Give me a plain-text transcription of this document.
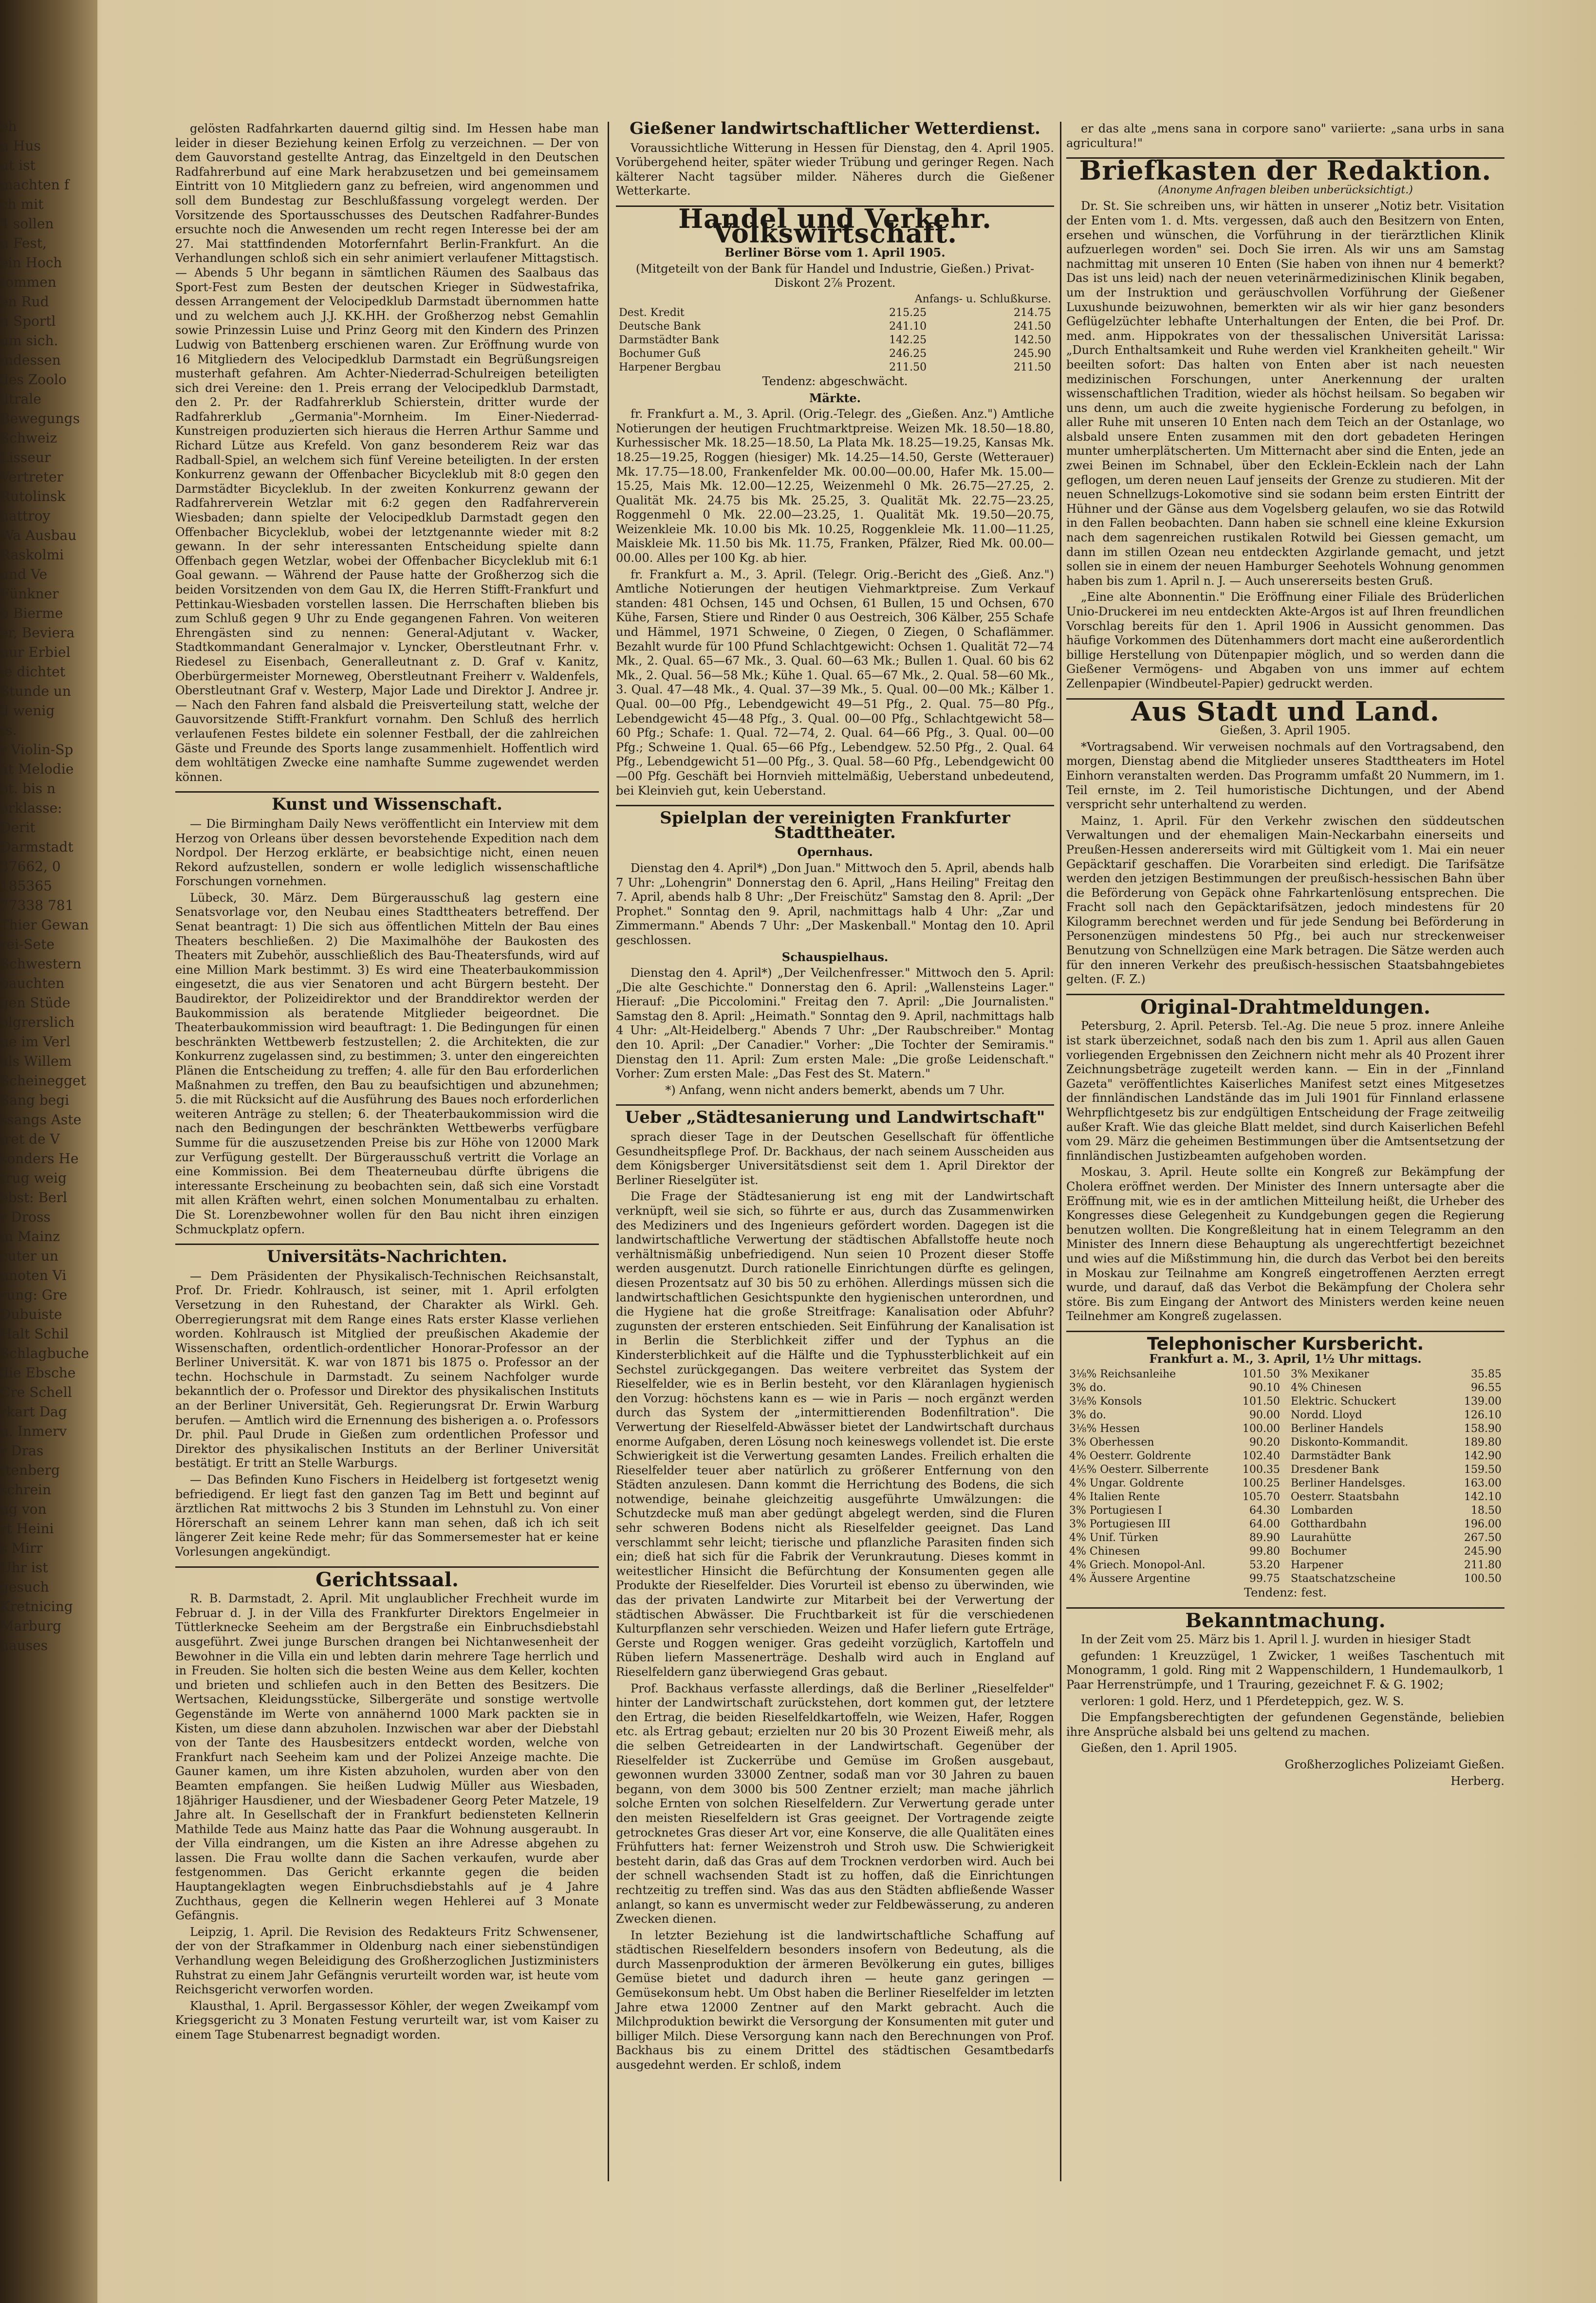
eh
n Hus
ut ist
machten f
ch mit
4 sollen
n Fest,
ein Hoch
tommen
en Rud
n Sportl
um sich.
indessen
des Zoolo
lltrale
Bewegungs
Schweiz
Lisseur
Vertreter
Rutolinsk
hattroy
Wa Ausbau
Raskolmi
und Ve
Fünkner
b Bierme
er, Beviera
nur Erbiel
ie dichtet
Stunde un
d wenig
ts.
r Violin-Sp
ät Melodie
ot. bis n
orklasse:
Derit
Darmstadt
37662, 0
185365
77338 781
Thier Gewan
rei-Sete
Schwestern
bauchten
gen Stüde
olgrerslich
ne im Verl
als Willem
Scheinegget
Sang begi
ssangs Aste
iret de V
sonders He
trug weig
ebst: Berl
r Dross
in Mainz
cuter un
nnoten Vi
rung: Gre
Dubuiste
Halt Schil
Schlagbuche
die Ebsche
Cre Schell
rkart Dag
n. Inmerv
r Dras
ttenberg
schrein
ng von
rt Heini
s Mirr
Uhr ist
gesuch
Kretnicing
Marburg
hauses

gelösten Radfahrkarten dauernd giltig sind. Im Hessen habe man leider in dieser Beziehung keinen Erfolg zu verzeichnen. — Der von dem Gauvorstand gestellte Antrag, das Einzeltgeld in den Deutschen Radfahrerbund auf eine Mark herabzusetzen und bei gemeinsamem Eintritt von 10 Mitgliedern ganz zu befreien, wird angenommen und soll dem Bundestag zur Beschlußfassung vorgelegt werden. Der Vorsitzende des Sportausschusses des Deutschen Radfahrer-Bundes ersuchte noch die Anwesenden um recht regen Interesse bei der am 27. Mai stattfindenden Motorfernfahrt Berlin-Frankfurt. An die Verhandlungen schloß sich ein sehr animiert verlaufener Mittagstisch. — Abends 5 Uhr begann in sämtlichen Räumen des Saalbaus das Sport-Fest zum Besten der deutschen Krieger in Südwestafrika, dessen Arrangement der Velocipedklub Darmstadt übernommen hatte und zu welchem auch J.J. KK.HH. der Großherzog nebst Gemahlin sowie Prinzessin Luise und Prinz Georg mit den Kindern des Prinzen Ludwig von Battenberg erschienen waren. Zur Eröffnung wurde von 16 Mitgliedern des Velocipedklub Darmstadt ein Begrüßungsreigen musterhaft gefahren. Am Achter-Niederrad-Schulreigen beteiligten sich drei Vereine: den 1. Preis errang der Velocipedklub Darmstadt, den 2. Pr. der Radfahrerklub Schierstein, dritter wurde der Radfahrerklub „Germania"-Mornheim. Im Einer-Niederrad-Kunstreigen produzierten sich hieraus die Herren Arthur Samme und Richard Lütze aus Krefeld. Von ganz besonderem Reiz war das Radball-Spiel, an welchem sich fünf Vereine beteiligten. In der ersten Konkurrenz gewann der Offenbacher Bicycleklub mit 8:0 gegen den Darmstädter Bicycleklub. In der zweiten Konkurrenz gewann der Radfahrerverein Wetzlar mit 6:2 gegen den Radfahrerverein Wiesbaden; dann spielte der Velocipedklub Darmstadt gegen den Offenbacher Bicycleklub, wobei der letztgenannte wieder mit 8:2 gewann. In der sehr interessanten Entscheidung spielte dann Offenbach gegen Wetzlar, wobei der Offenbacher Bicycleklub mit 6:1 Goal gewann. — Während der Pause hatte der Großherzog sich die beiden Vorsitzenden von dem Gau IX, die Herren Stifft-Frankfurt und Pettinkau-Wiesbaden vorstellen lassen. Die Herrschaften blieben bis zum Schluß gegen 9 Uhr zu Ende gegangenen Fahren. Von weiteren Ehrengästen sind zu nennen: General-Adjutant v. Wacker, Stadtkommandant Generalmajor v. Lyncker, Oberstleutnant Frhr. v. Riedesel zu Eisenbach, Generalleutnant z. D. Graf v. Kanitz, Oberbürgermeister Morneweg, Oberstleutnant Freiherr v. Waldenfels, Oberstleutnant Graf v. Westerp, Major Lade und Direktor J. Andree jr. — Nach den Fahren fand alsbald die Preisverteilung statt, welche der Gauvorsitzende Stifft-Frankfurt vornahm. Den Schluß des herrlich verlaufenen Festes bildete ein solenner Festball, der die zahlreichen Gäste und Freunde des Sports lange zusammenhielt. Hoffentlich wird dem wohltätigen Zwecke eine namhafte Summe zugewendet werden können.

Kunst und Wissenschaft.

— Die Birmingham Daily News veröffentlicht ein Interview mit dem Herzog von Orleans über dessen bevorstehende Expedition nach dem Nordpol. Der Herzog erklärte, er beabsichtige nicht, einen neuen Rekord aufzustellen, sondern er wolle lediglich wissenschaftliche Forschungen vornehmen.

Lübeck, 30. März. Dem Bürgerausschuß lag gestern eine Senatsvorlage vor, den Neubau eines Stadttheaters betreffend. Der Senat beantragt: 1) Die sich aus öffentlichen Mitteln der Bau eines Theaters beschließen. 2) Die Maximalhöhe der Baukosten des Theaters mit Zubehör, ausschließlich des Bau-Theatersfunds, wird auf eine Million Mark bestimmt. 3) Es wird eine Theaterbaukommission eingesetzt, die aus vier Senatoren und acht Bürgern besteht. Der Baudirektor, der Polizeidirektor und der Branddirektor werden der Baukommission als beratende Mitglieder beigeordnet. Die Theaterbaukommission wird beauftragt: 1. Die Bedingungen für einen beschränkten Wettbewerb festzustellen; 2. die Architekten, die zur Konkurrenz zugelassen sind, zu bestimmen; 3. unter den eingereichten Plänen die Entscheidung zu treffen; 4. alle für den Bau erforderlichen Maßnahmen zu treffen, den Bau zu beaufsichtigen und abzunehmen; 5. die mit Rücksicht auf die Ausführung des Baues noch erforderlichen weiteren Anträge zu stellen; 6. der Theaterbaukommission wird die nach den Bedingungen der beschränkten Wettbewerbs verfügbare Summe für die auszusetzenden Preise bis zur Höhe von 12000 Mark zur Verfügung gestellt. Der Bürgerausschuß vertritt die Vorlage an eine Kommission. Bei dem Theaterneubau dürfte übrigens die interessante Erscheinung zu beobachten sein, daß sich eine Vorstadt mit allen Kräften wehrt, einen solchen Monumentalbau zu erhalten. Die St. Lorenzbewohner wollen für den Bau nicht ihren einzigen Schmuckplatz opfern.

Universitäts-Nachrichten.

— Dem Präsidenten der Physikalisch-Technischen Reichsanstalt, Prof. Dr. Friedr. Kohlrausch, ist seiner, mit 1. April erfolgten Versetzung in den Ruhestand, der Charakter als Wirkl. Geh. Oberregierungsrat mit dem Range eines Rats erster Klasse verliehen worden. Kohlrausch ist Mitglied der preußischen Akademie der Wissenschaften, ordentlich-ordentlicher Honorar-Professor an der Berliner Universität. K. war von 1871 bis 1875 o. Professor an der techn. Hochschule in Darmstadt. Zu seinem Nachfolger wurde bekanntlich der o. Professor und Direktor des physikalischen Instituts an der Berliner Universität, Geh. Regierungsrat Dr. Erwin Warburg berufen. — Amtlich wird die Ernennung des bisherigen a. o. Professors Dr. phil. Paul Drude in Gießen zum ordentlichen Professor und Direktor des physikalischen Instituts an der Berliner Universität bestätigt. Er tritt an Stelle Warburgs.

— Das Befinden Kuno Fischers in Heidelberg ist fortgesetzt wenig befriedigend. Er liegt fast den ganzen Tag im Bett und beginnt auf ärztlichen Rat mittwochs 2 bis 3 Stunden im Lehnstuhl zu. Von einer Hörerschaft an seinem Lehrer kann man sehen, daß ich ich seit längerer Zeit keine Rede mehr; für das Sommersemester hat er keine Vorlesungen angekündigt.

Gerichtssaal.

R. B. Darmstadt, 2. April. Mit unglaublicher Frechheit wurde im Februar d. J. in der Villa des Frankfurter Direktors Engelmeier in Tüttlerknecke Seeheim am der Bergstraße ein Einbruchsdiebstahl ausgeführt. Zwei junge Burschen drangen bei Nichtanwesenheit der Bewohner in die Villa ein und lebten darin mehrere Tage herrlich und in Freuden. Sie holten sich die besten Weine aus dem Keller, kochten und brieten und schliefen auch in den Betten des Besitzers. Die Wertsachen, Kleidungsstücke, Silbergeräte und sonstige wertvolle Gegenstände im Werte von annähernd 1000 Mark packten sie in Kisten, um diese dann abzuholen. Inzwischen war aber der Diebstahl von der Tante des Hausbesitzers entdeckt worden, welche von Frankfurt nach Seeheim kam und der Polizei Anzeige machte. Die Gauner kamen, um ihre Kisten abzuholen, wurden aber von den Beamten empfangen. Sie heißen Ludwig Müller aus Wiesbaden, 18jähriger Hausdiener, und der Wiesbadener Georg Peter Matzele, 19 Jahre alt. In Gesellschaft der in Frankfurt bediensteten Kellnerin Mathilde Tede aus Mainz hatte das Paar die Wohnung ausgeraubt. In der Villa eindrangen, um die Kisten an ihre Adresse abgehen zu lassen. Die Frau wollte dann die Sachen verkaufen, wurde aber festgenommen. Das Gericht erkannte gegen die beiden Hauptangeklagten wegen Einbruchsdiebstahls auf je 4 Jahre Zuchthaus, gegen die Kellnerin wegen Hehlerei auf 3 Monate Gefängnis.

Leipzig, 1. April. Die Revision des Redakteurs Fritz Schwensener, der von der Strafkammer in Oldenburg nach einer siebenstündigen Verhandlung wegen Beleidigung des Großherzoglichen Justizministers Ruhstrat zu einem Jahr Gefängnis verurteilt worden war, ist heute vom Reichsgericht verworfen worden.

Klausthal, 1. April. Bergassessor Köhler, der wegen Zweikampf vom Kriegsgericht zu 3 Monaten Festung verurteilt war, ist vom Kaiser zu einem Tage Stubenarrest begnadigt worden.

Gießener landwirtschaftlicher Wetterdienst.

Voraussichtliche Witterung in Hessen für Dienstag, den 4. April 1905. Vorübergehend heiter, später wieder Trübung und geringer Regen. Nach kälterer Nacht tagsüber milder. Näheres durch die Gießener Wetterkarte.

Handel und Verkehr. Volkswirtschaft.

Berliner Börse vom 1. April 1905.

(Mitgeteilt von der Bank für Handel und Industrie, Gießen.) Privat-Diskont 2⅞ Prozent.

	Anfangs- u. Schlußkurse.	
Dest. Kredit	215.25	214.75
Deutsche Bank	241.10	241.50
Darmstädter Bank	142.25	142.50
Bochumer Guß	246.25	245.90
Harpener Bergbau	211.50	211.50

Tendenz: abgeschwächt.

Märkte.

fr. Frankfurt a. M., 3. April. (Orig.-Telegr. des „Gießen. Anz.") Amtliche Notierungen der heutigen Fruchtmarktpreise. Weizen Mk. 18.50—18.80, Kurhessischer Mk. 18.25—18.50, La Plata Mk. 18.25—19.25, Kansas Mk. 18.25—19.25, Roggen (hiesiger) Mk. 14.25—14.50, Gerste (Wetterauer) Mk. 17.75—18.00, Frankenfelder Mk. 00.00—00.00, Hafer Mk. 15.00—15.25, Mais Mk. 12.00—12.25, Weizenmehl 0 Mk. 26.75—27.25, 2. Qualität Mk. 24.75 bis Mk. 25.25, 3. Qualität Mk. 22.75—23.25, Roggenmehl 0 Mk. 22.00—23.25, 1. Qualität Mk. 19.50—20.75, Weizenkleie Mk. 10.00 bis Mk. 10.25, Roggenkleie Mk. 11.00—11.25, Maiskleie Mk. 11.50 bis Mk. 11.75, Franken, Pfälzer, Ried Mk. 00.00—00.00. Alles per 100 Kg. ab hier.

fr. Frankfurt a. M., 3. April. (Telegr. Orig.-Bericht des „Gieß. Anz.") Amtliche Notierungen der heutigen Viehmarktpreise. Zum Verkauf standen: 481 Ochsen, 145 und Ochsen, 61 Bullen, 15 und Ochsen, 670 Kühe, Farsen, Stiere und Rinder 0 aus Oestreich, 306 Kälber, 255 Schafe und Hämmel, 1971 Schweine, 0 Ziegen, 0 Ziegen, 0 Schaflämmer. Bezahlt wurde für 100 Pfund Schlachtgewicht: Ochsen 1. Qualität 72—74 Mk., 2. Qual. 65—67 Mk., 3. Qual. 60—63 Mk.; Bullen 1. Qual. 60 bis 62 Mk., 2. Qual. 56—58 Mk.; Kühe 1. Qual. 65—67 Mk., 2. Qual. 58—60 Mk., 3. Qual. 47—48 Mk., 4. Qual. 37—39 Mk., 5. Qual. 00—00 Mk.; Kälber 1. Qual. 00—00 Pfg., Lebendgewicht 49—51 Pfg., 2. Qual. 75—80 Pfg., Lebendgewicht 45—48 Pfg., 3. Qual. 00—00 Pfg., Schlachtgewicht 58—60 Pfg.; Schafe: 1. Qual. 72—74, 2. Qual. 64—66 Pfg., 3. Qual. 00—00 Pfg.; Schweine 1. Qual. 65—66 Pfg., Lebendgew. 52.50 Pfg., 2. Qual. 64 Pfg., Lebendgewicht 51—00 Pfg., 3. Qual. 58—60 Pfg., Lebendgewicht 00—00 Pfg. Geschäft bei Hornvieh mittelmäßig, Ueberstand unbedeutend, bei Kleinvieh gut, kein Ueberstand.

Spielplan der vereinigten Frankfurter Stadttheater.

Opernhaus.

Dienstag den 4. April*) „Don Juan." Mittwoch den 5. April, abends halb 7 Uhr: „Lohengrin" Donnerstag den 6. April, „Hans Heiling" Freitag den 7. April, abends halb 8 Uhr: „Der Freischütz" Samstag den 8. April: „Der Prophet." Sonntag den 9. April, nachmittags halb 4 Uhr: „Zar und Zimmermann." Abends 7 Uhr: „Der Maskenball." Montag den 10. April geschlossen.

Schauspielhaus.

Dienstag den 4. April*) „Der Veilchenfresser." Mittwoch den 5. April: „Die alte Geschichte." Donnerstag den 6. April: „Wallensteins Lager." Hierauf: „Die Piccolomini." Freitag den 7. April: „Die Journalisten." Samstag den 8. April: „Heimath." Sonntag den 9. April, nachmittags halb 4 Uhr: „Alt-Heidelberg." Abends 7 Uhr: „Der Raubschreiber." Montag den 10. April: „Der Canadier." Vorher: „Die Tochter der Semiramis." Dienstag den 11. April: Zum ersten Male: „Die große Leidenschaft." Vorher: Zum ersten Male: „Das Fest des St. Matern."

*) Anfang, wenn nicht anders bemerkt, abends um 7 Uhr.

Ueber „Städtesanierung und Landwirtschaft"

sprach dieser Tage in der Deutschen Gesellschaft für öffentliche Gesundheitspflege Prof. Dr. Backhaus, der nach seinem Ausscheiden aus dem Königsberger Universitätsdienst seit dem 1. April Direktor der Berliner Rieselgüter ist.

Die Frage der Städtesanierung ist eng mit der Landwirtschaft verknüpft, weil sie sich, so führte er aus, durch das Zusammenwirken des Mediziners und des Ingenieurs gefördert worden. Dagegen ist die landwirtschaftliche Verwertung der städtischen Abfallstoffe heute noch verhältnismäßig unbefriedigend. Nun seien 10 Prozent dieser Stoffe werden ausgenutzt. Durch rationelle Einrichtungen dürfte es gelingen, diesen Prozentsatz auf 30 bis 50 zu erhöhen. Allerdings müssen sich die landwirtschaftlichen Gesichtspunkte den hygienischen unterordnen, und die Hygiene hat die große Streitfrage: Kanalisation oder Abfuhr? zugunsten der ersteren entschieden. Seit Einführung der Kanalisation ist in Berlin die Sterblichkeit ziffer und der Typhus an die Kindersterblichkeit auf die Hälfte und die Typhussterblichkeit auf ein Sechstel zurückgegangen. Das weitere verbreitet das System der Rieselfelder, wie es in Berlin besteht, vor den Kläranlagen hygienisch den Vorzug: höchstens kann es — wie in Paris — noch ergänzt werden durch das System der „intermittierenden Bodenfiltration". Die Verwertung der Rieselfeld-Abwässer bietet der Landwirtschaft durchaus enorme Aufgaben, deren Lösung noch keineswegs vollendet ist. Die erste Schwierigkeit ist die Verwertung gesamten Landes. Freilich erhalten die Rieselfelder teuer aber natürlich zu größerer Entfernung von den Städten anzulesen. Dann kommt die Herrichtung des Bodens, die sich notwendige, beinahe gleichzeitig ausgeführte Umwälzungen: die Schutzdecke muß man aber gedüngt abgelegt werden, sind die Fluren sehr schweren Bodens nicht als Rieselfelder geeignet. Das Land verschlammt sehr leicht; tierische und pflanzliche Parasiten finden sich ein; dieß hat sich für die Fabrik der Verunkrautung. Dieses kommt in weitestlicher Hinsicht die Befürchtung der Konsumenten gegen alle Produkte der Rieselfelder. Dies Vorurteil ist ebenso zu überwinden, wie das der privaten Landwirte zur Mitarbeit bei der Verwertung der städtischen Abwässer. Die Fruchtbarkeit ist für die verschiedenen Kulturpflanzen sehr verschieden. Weizen und Hafer liefern gute Erträge, Gerste und Roggen weniger. Gras gedeiht vorzüglich, Kartoffeln und Rüben liefern Massenerträge. Deshalb wird auch in England auf Rieselfeldern ganz überwiegend Gras gebaut.

Prof. Backhaus verfasste allerdings, daß die Berliner „Rieselfelder" hinter der Landwirtschaft zurückstehen, dort kommen gut, der letztere den Ertrag, die beiden Rieselfeldkartoffeln, wie Weizen, Hafer, Roggen etc. als Ertrag gebaut; erzielten nur 20 bis 30 Prozent Eiweiß mehr, als die selben Getreidearten in der Landwirtschaft. Gegenüber der Rieselfelder ist Zuckerrübe und Gemüse im Großen ausgebaut, gewonnen wurden 33000 Zentner, sodaß man vor 30 Jahren zu bauen begann, von dem 3000 bis 500 Zentner erzielt; man mache jährlich solche Ernten von solchen Rieselfeldern. Zur Verwertung gerade unter den meisten Rieselfeldern ist Gras geeignet. Der Vortragende zeigte getrocknetes Gras dieser Art vor, eine Konserve, die alle Qualitäten eines Frühfutters hat: ferner Weizenstroh und Stroh usw. Die Schwierigkeit besteht darin, daß das Gras auf dem Trocknen verdorben wird. Auch bei der schnell wachsenden Stadt ist zu hoffen, daß die Einrichtungen rechtzeitig zu treffen sind. Was das aus den Städten abfließende Wasser anlangt, so kann es unvermischt weder zur Feldbewässerung, zu anderen Zwecken dienen.

In letzter Beziehung ist die landwirtschaftliche Schaffung auf städtischen Rieselfeldern besonders insofern von Bedeutung, als die durch Massenproduktion der ärmeren Bevölkerung ein gutes, billiges Gemüse bietet und dadurch ihren — heute ganz geringen — Gemüsekonsum hebt. Um Obst haben die Berliner Rieselfelder im letzten Jahre etwa 12000 Zentner auf den Markt gebracht. Auch die Milchproduktion bewirkt die Versorgung der Konsumenten mit guter und billiger Milch. Diese Versorgung kann nach den Berechnungen von Prof. Backhaus bis zu einem Drittel des städtischen Gesamtbedarfs ausgedehnt werden. Er schloß, indem

er das alte „mens sana in corpore sano" variierte: „sana urbs in sana agricultura!"

Briefkasten der Redaktion.

(Anonyme Anfragen bleiben unberücksichtigt.)

Dr. St. Sie schreiben uns, wir hätten in unserer „Notiz betr. Visitation der Enten vom 1. d. Mts. vergessen, daß auch den Besitzern von Enten, ersehen und wünschen, die Vorführung in der tierärztlichen Klinik aufzuerlegen worden" sei. Doch Sie irren. Als wir uns am Samstag nachmittag mit unseren 10 Enten (Sie haben von ihnen nur 4 bemerkt? Das ist uns leid) nach der neuen veterinärmedizinischen Klinik begaben, um der Instruktion und geräuschvollen Vorführung der Gießener Luxushunde beizuwohnen, bemerkten wir als wir hier ganz besonders Geflügelzüchter lebhafte Unterhaltungen der Enten, die bei Prof. Dr. med. anm. Hippokrates von der thessalischen Universität Larissa: „Durch Enthaltsamkeit und Ruhe werden viel Krankheiten geheilt." Wir beeilten sofort: Das halten von Enten aber ist nach neuesten medizinischen Forschungen, unter Anerkennung der uralten wissenschaftlichen Tradition, wieder als höchst heilsam. So begaben wir uns denn, um auch die zweite hygienische Forderung zu befolgen, in aller Ruhe mit unseren 10 Enten nach dem Teich an der Ostanlage, wo alsbald unsere Enten zusammen mit den dort gebadeten Heringen munter umherplätscherten. Um Mitternacht aber sind die Enten, jede an zwei Beinen im Schnabel, über den Ecklein-Ecklein nach der Lahn geflogen, um deren neuen Lauf jenseits der Grenze zu studieren. Mit der neuen Schnellzugs-Lokomotive sind sie sodann beim ersten Eintritt der Hühner und der Gänse aus dem Vogelsberg gelaufen, wo sie das Rotwild in den Fallen beobachten. Dann haben sie schnell eine kleine Exkursion nach dem sagenreichen rustikalen Rotwild bei Giessen gemacht, um dann im stillen Ozean neu entdeckten Azgirlande gemacht, und jetzt sollen sie in einem der neuen Hamburger Seehotels Wohnung genommen haben bis zum 1. April n. J. — Auch unsererseits besten Gruß.

„Eine alte Abonnentin." Die Eröffnung einer Filiale des Brüderlichen Unio-Druckerei im neu entdeckten Akte-Argos ist auf Ihren freundlichen Vorschlag bereits für den 1. April 1906 in Aussicht genommen. Das häufige Vorkommen des Dütenhammers dort macht eine außerordentlich billige Herstellung von Dütenpapier möglich, und so werden dann die Gießener Vermögens- und Abgaben von uns immer auf echtem Zellenpapier (Windbeutel-Papier) gedruckt werden.

Aus Stadt und Land.

Gießen, 3. April 1905.

*Vortragsabend. Wir verweisen nochmals auf den Vortragsabend, den morgen, Dienstag abend die Mitglieder unseres Stadttheaters im Hotel Einhorn veranstalten werden. Das Programm umfaßt 20 Nummern, im 1. Teil ernste, im 2. Teil humoristische Dichtungen, und der Abend verspricht sehr unterhaltend zu werden.

Mainz, 1. April. Für den Verkehr zwischen den süddeutschen Verwaltungen und der ehemaligen Main-Neckarbahn einerseits und Preußen-Hessen andererseits wird mit Gültigkeit vom 1. Mai ein neuer Gepäcktarif geschaffen. Die Vorarbeiten sind erledigt. Die Tarifsätze werden den jetzigen Bestimmungen der preußisch-hessischen Bahn über die Beförderung von Gepäck ohne Fahrkartenlösung entsprechen. Die Fracht soll nach den Gepäcktarifsätzen, jedoch mindestens für 20 Kilogramm berechnet werden und für jede Sendung bei Beförderung in Personenzügen mindestens 50 Pfg., bei auch nur streckenweiser Benutzung von Schnellzügen eine Mark betragen. Die Sätze werden auch für den inneren Verkehr des preußisch-hessischen Staatsbahngebietes gelten. (F. Z.)

Original-Drahtmeldungen.

Petersburg, 2. April. Petersb. Tel.-Ag. Die neue 5 proz. innere Anleihe ist stark überzeichnet, sodaß nach den bis zum 1. April aus allen Gauen vorliegenden Ergebnissen den Zeichnern nicht mehr als 40 Prozent ihrer Zeichnungsbeträge zugeteilt werden kann. — Ein in der „Finnland Gazeta" veröffentlichtes Kaiserliches Manifest setzt eines Mitgesetzes der finnländischen Landstände das im Juli 1901 für Finnland erlassene Wehrpflichtgesetz bis zur endgültigen Entscheidung der Frage zeitweilig außer Kraft. Wie das gleiche Blatt meldet, sind durch Kaiserlichen Befehl vom 29. März die geheimen Bestimmungen über die Amtsentsetzung der finnländischen Justizbeamten aufgehoben worden.

Moskau, 3. April. Heute sollte ein Kongreß zur Bekämpfung der Cholera eröffnet werden. Der Minister des Innern untersagte aber die Eröffnung mit, wie es in der amtlichen Mitteilung heißt, die Urheber des Kongresses diese Gelegenheit zu Kundgebungen gegen die Regierung benutzen wollten. Die Kongreßleitung hat in einem Telegramm an den Minister des Innern diese Behauptung als ungerechtfertigt bezeichnet und wies auf die Mißstimmung hin, die durch das Verbot bei den bereits in Moskau zur Teilnahme am Kongreß eingetroffenen Aerzten erregt wurde, und darauf, daß das Verbot die Bekämpfung der Cholera sehr störe. Bis zum Eingang der Antwort des Ministers werden keine neuen Teilnehmer am Kongreß zugelassen.

Telephonischer Kursbericht.

Frankfurt a. M., 3. April, 1½ Uhr mittags.

3⅛% Reichsanleihe	101.50
3% do.	90.10
3⅛% Konsols	101.50
3% do.	90.00
3⅛% Hessen	100.00
3% Oberhessen	90.20
4% Oesterr. Goldrente	102.40
4⅕% Oesterr. Silberrente	100.35
4% Ungar. Goldrente	100.25
4% Italien Rente	105.70
3% Portugiesen I	64.30
3% Portugiesen III	64.00
4% Unif. Türken	89.90
4% Chinesen	99.80
4% Griech. Monopol-Anl.	53.20
4% Äussere Argentine	99.75
3% Mexikaner	35.85
4% Chinesen	96.55
Elektric. Schuckert	139.00
Nordd. Lloyd	126.10
Berliner Handels	158.90
Diskonto-Kommandit.	189.80
Darmstädter Bank	142.90
Dresdener Bank	159.50
Berliner Handelsges.	163.00
Oesterr. Staatsbahn	142.10
Lombarden	18.50
Gotthardbahn	196.00
Laurahütte	267.50
Bochumer	245.90
Harpener	211.80
Staatschatzscheine	100.50

Tendenz: fest.

Bekanntmachung.

In der Zeit vom 25. März bis 1. April l. J. wurden in hiesiger Stadt

gefunden: 1 Kreuzzügel, 1 Zwicker, 1 weißes Taschentuch mit Monogramm, 1 gold. Ring mit 2 Wappenschildern, 1 Hundemaulkorb, 1 Paar Herrenstrümpfe, und 1 Trauring, gezeichnet F. & G. 1902;

verloren: 1 gold. Herz, und 1 Pferdeteppich, gez. W. S.

Die Empfangsberechtigten der gefundenen Gegenstände, beliebien ihre Ansprüche alsbald bei uns geltend zu machen.

Gießen, den 1. April 1905.

Großherzogliches Polizeiamt Gießen.

Herberg.
